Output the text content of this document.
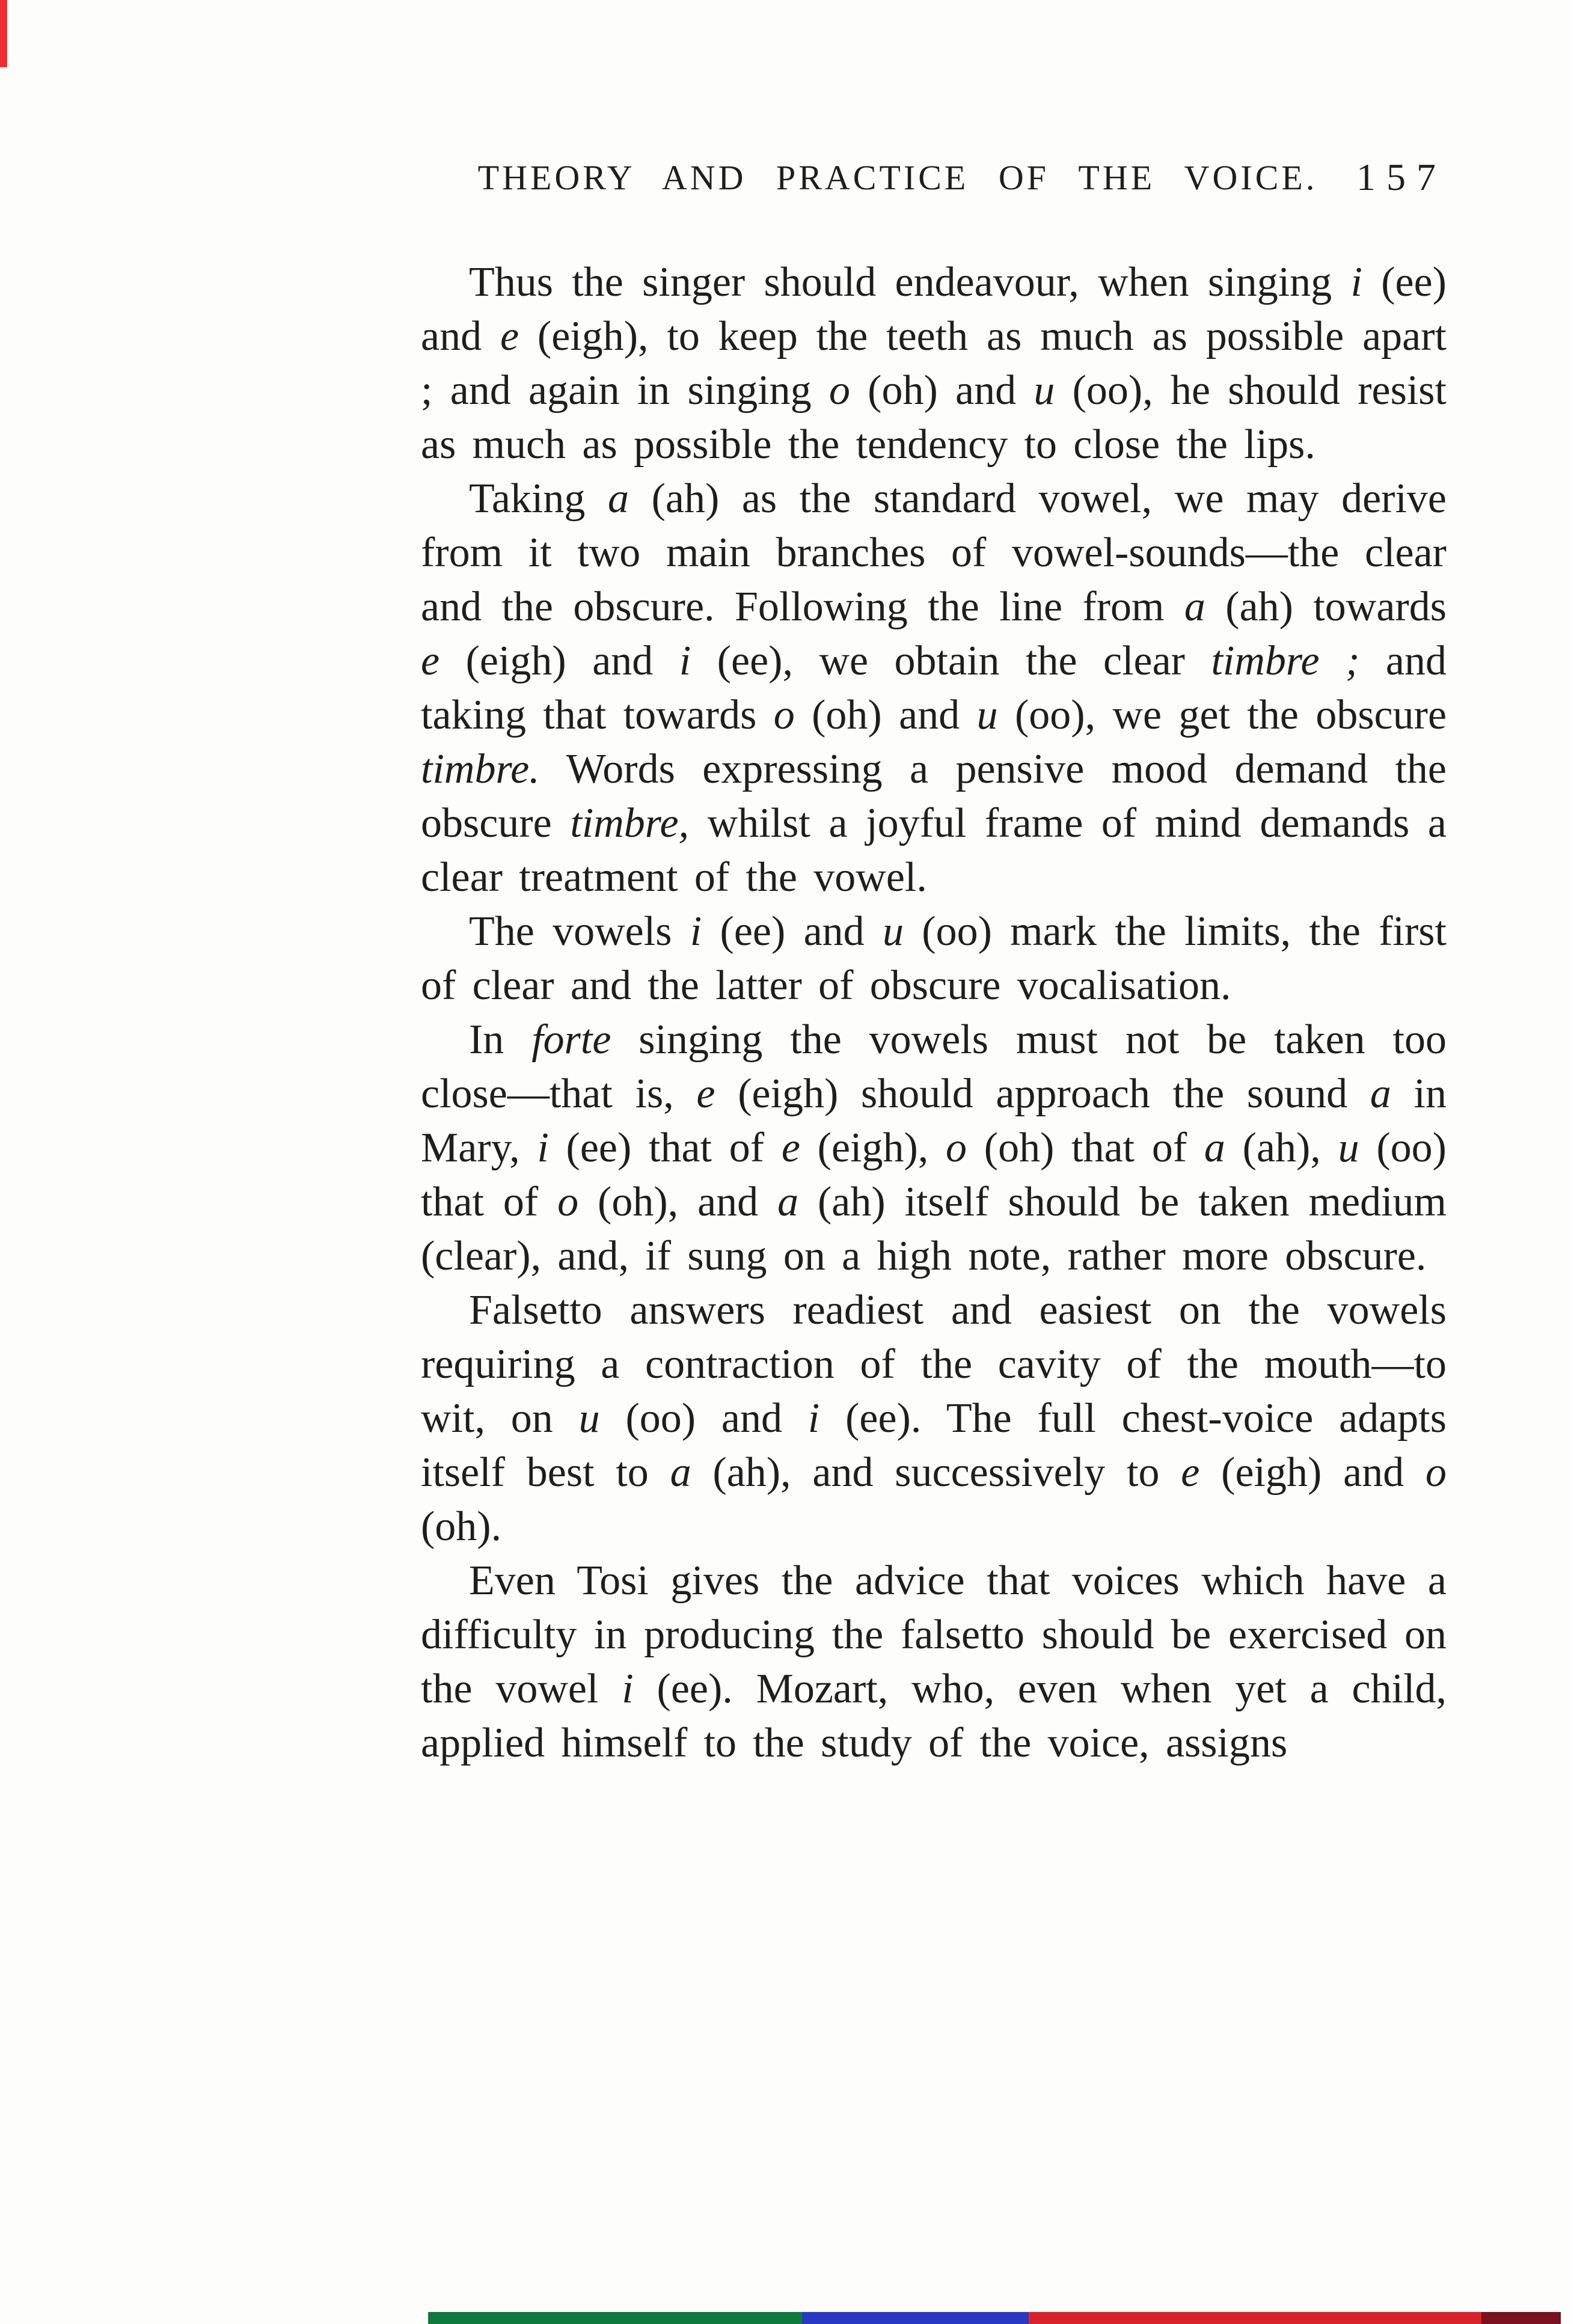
THEORY AND PRACTICE OF THE VOICE. 157

Thus the singer should endeavour, when singing i (ee) and e (eigh), to keep the teeth as much as possible apart ; and again in singing o (oh) and u (oo), he should resist as much as possible the tendency to close the lips.

Taking a (ah) as the standard vowel, we may derive from it two main branches of vowel-sounds—the clear and the obscure. Following the line from a (ah) towards e (eigh) and i (ee), we obtain the clear timbre ; and taking that towards o (oh) and u (oo), we get the obscure timbre. Words expressing a pensive mood demand the obscure timbre, whilst a joyful frame of mind demands a clear treatment of the vowel.

The vowels i (ee) and u (oo) mark the limits, the first of clear and the latter of obscure vocalisation.

In forte singing the vowels must not be taken too close—that is, e (eigh) should approach the sound a in Mary, i (ee) that of e (eigh), o (oh) that of a (ah), u (oo) that of o (oh), and a (ah) itself should be taken medium (clear), and, if sung on a high note, rather more obscure.

Falsetto answers readiest and easiest on the vowels requiring a contraction of the cavity of the mouth—to wit, on u (oo) and i (ee). The full chest-voice adapts itself best to a (ah), and successively to e (eigh) and o (oh).

Even Tosi gives the advice that voices which have a difficulty in producing the falsetto should be exercised on the vowel i (ee). Mozart, who, even when yet a child, applied himself to the study of the voice, assigns
